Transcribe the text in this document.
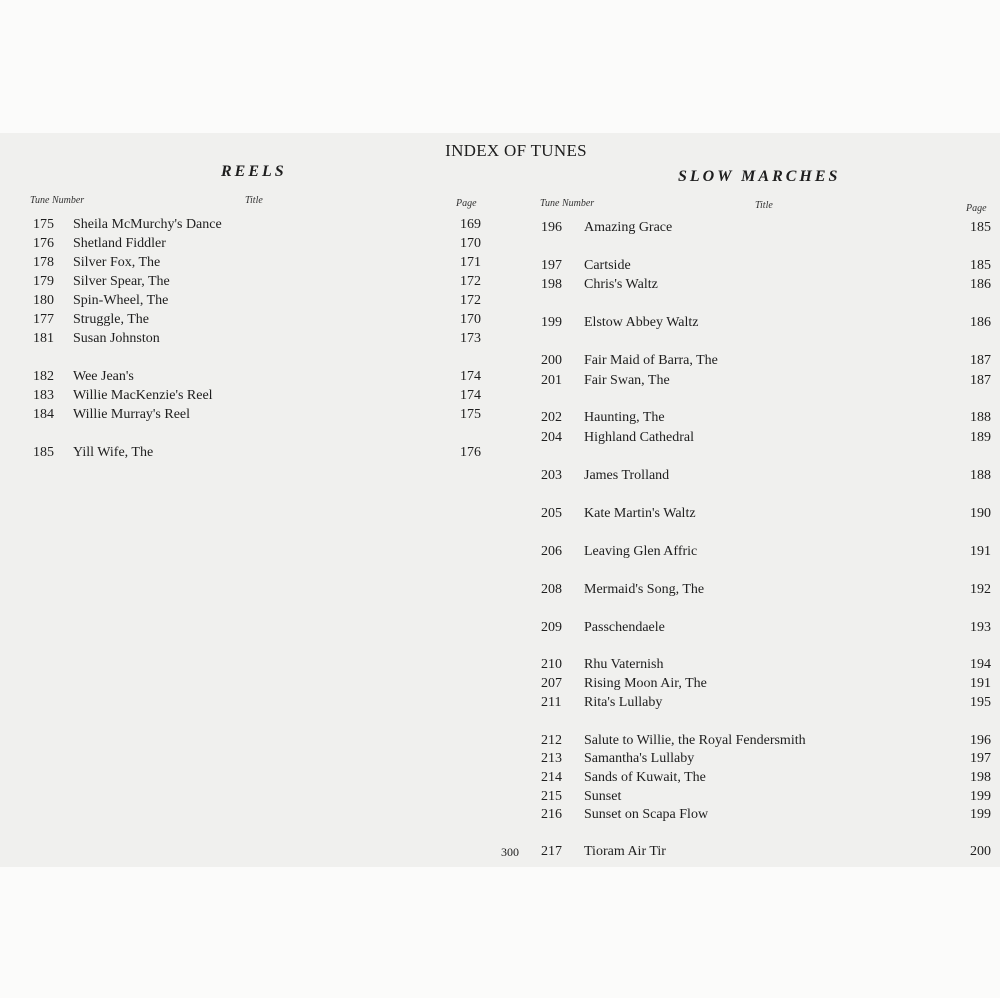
INDEX OF TUNES
REELS	SLOW MARCHES
Tune Number	Title	Page	Tune Number	Title	Page
175 Sheila McMurchy's Dance	169
176 Shetland Fiddler	170
178 Silver Fox, The	171
179 Silver Spear, The	172
180 Spin-Wheel, The	172
177 Struggle, The	170
181 Susan Johnston	173
182 Wee Jean's	174
183 Willie MacKenzie's Reel	174
184 Willie Murray's Reel	175
185 Yill Wife, The	176
196 Amazing Grace	185
197 Cartside	185
198 Chris's Waltz	186
199 Elstow Abbey Waltz	186
200 Fair Maid of Barra, The	187
201 Fair Swan, The	187
202 Haunting, The	188
204 Highland Cathedral	189
203 James Trolland	188
205 Kate Martin's Waltz	190
206 Leaving Glen Affric	191
208 Mermaid's Song, The	192
209 Passchendaele	193
210 Rhu Vaternish	194
207 Rising Moon Air, The	191
211 Rita's Lullaby	195
212 Salute to Willie, the Royal Fendersmith	196
213 Samantha's Lullaby	197
214 Sands of Kuwait, The	198
215 Sunset	199
216 Sunset on Scapa Flow	199
217 Tioram Air Tir	200
300
